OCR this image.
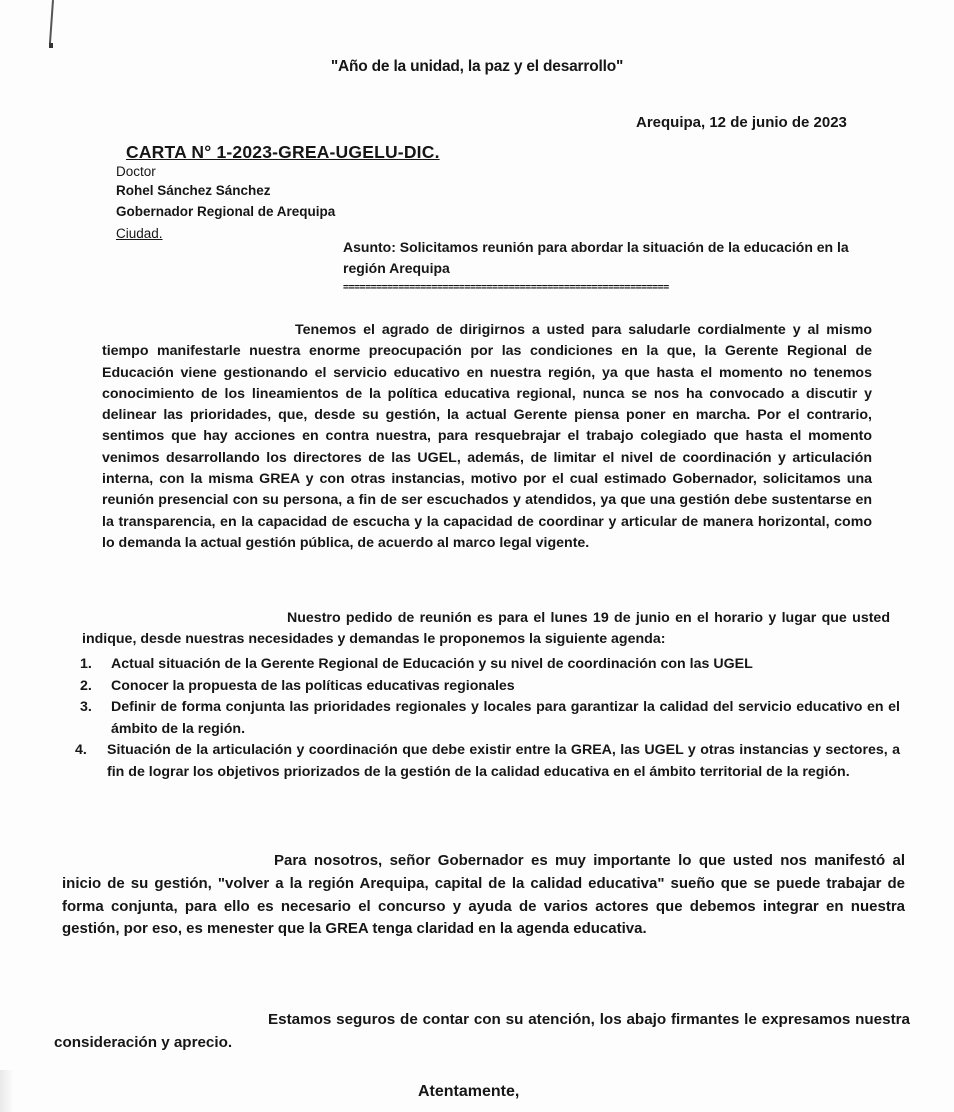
"Año de la unidad, la paz y el desarrollo"
Arequipa, 12 de junio de 2023
CARTA N° 1-2023-GREA-UGELU-DIC.
Doctor
Rohel Sánchez Sánchez
Gobernador Regional de Arequipa
Ciudad.
Asunto: Solicitamos reunión para abordar la situación de la educación en la región Arequipa
===========================================================
Tenemos el agrado de dirigirnos a usted para saludarle cordialmente y al mismo tiempo manifestarle nuestra enorme preocupación por las condiciones en la que, la Gerente Regional de Educación viene gestionando el servicio educativo en nuestra región, ya que hasta el momento no tenemos conocimiento de los lineamientos de la política educativa regional, nunca se nos ha convocado a discutir y delinear las prioridades, que, desde su gestión, la actual Gerente piensa poner en marcha. Por el contrario, sentimos que hay acciones en contra nuestra, para resquebrajar el trabajo colegiado que hasta el momento venimos desarrollando los directores de las UGEL, además, de limitar el nivel de coordinación y articulación interna, con la misma GREA y con otras instancias, motivo por el cual estimado Gobernador, solicitamos una reunión presencial con su persona, a fin de ser escuchados y atendidos, ya que una gestión debe sustentarse en la transparencia, en la capacidad de escucha y la capacidad de coordinar y articular de manera horizontal, como lo demanda la actual gestión pública, de acuerdo al marco legal vigente.
Nuestro pedido de reunión es para el lunes 19 de junio en el horario y lugar que usted indique, desde nuestras necesidades y demandas le proponemos la siguiente agenda:
1. Actual situación de la Gerente Regional de Educación y su nivel de coordinación con las UGEL
2. Conocer la propuesta de las políticas educativas regionales
3. Definir de forma conjunta las prioridades regionales y locales para garantizar la calidad del servicio educativo en el ámbito de la región.
4. Situación de la articulación y coordinación que debe existir entre la GREA, las UGEL y otras instancias y sectores, a fin de lograr los objetivos priorizados de la gestión de la calidad educativa en el ámbito territorial de la región.
Para nosotros, señor Gobernador es muy importante lo que usted nos manifestó al inicio de su gestión, "volver a la región Arequipa, capital de la calidad educativa" sueño que se puede trabajar de forma conjunta, para ello es necesario el concurso y ayuda de varios actores que debemos integrar en nuestra gestión, por eso, es menester que la GREA tenga claridad en la agenda educativa.
Estamos seguros de contar con su atención, los abajo firmantes le expresamos nuestra consideración y aprecio.
Atentamente,
